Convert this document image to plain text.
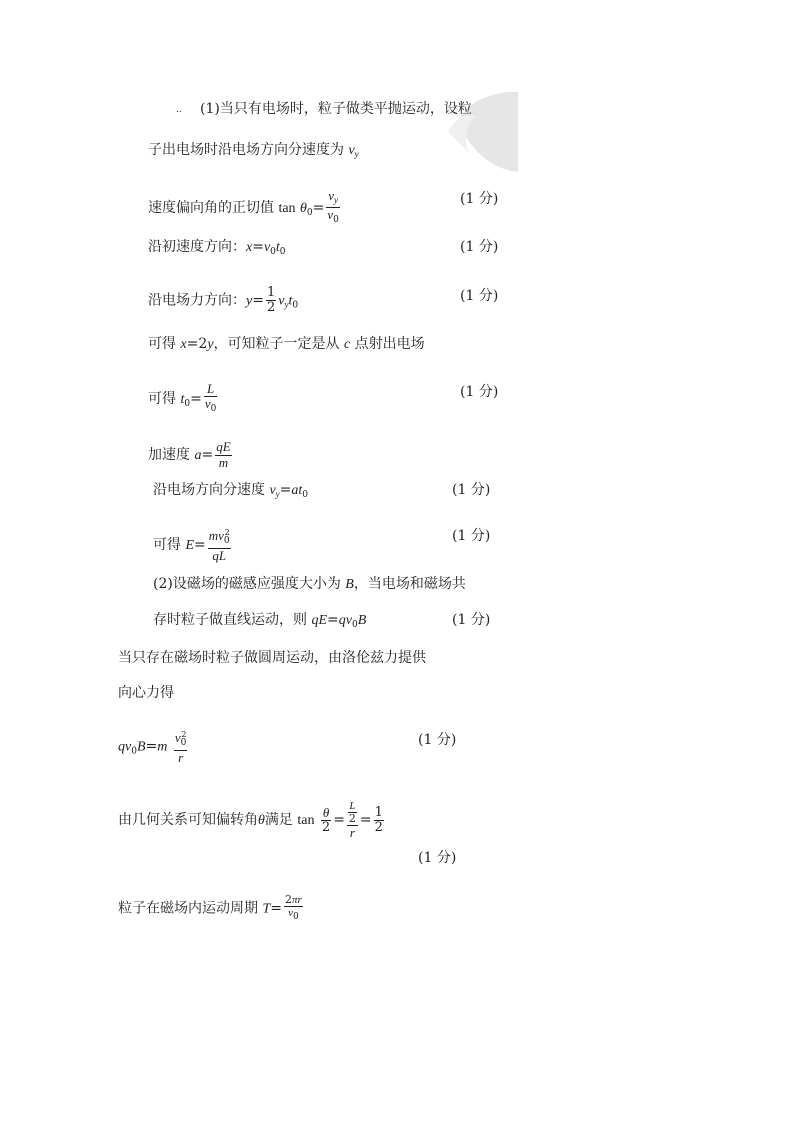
.. (1)当只有电场时，粒子做类平抛运动，设粒
子出电场时沿电场方向分速度为 $v_y$
速度偏向角的正切值 $\tan \theta_0= \frac{v_y}{v_0}$	(1 分)
沿初速度方向：$x=v_0t_0$	(1 分)
沿电场力方向：$y= \frac{1}{2} v_yt_0$
(1 分)
可得 x=2y，可知粒子一定是从 c 点射出电场
可得 $t_0= \frac{L}{v_0}$	(1 分)
加速度 $a= \frac{qE}{m}$
沿电场方向分速度 $v_y=at_0$	(1 分)
可得 $E= \frac{mv_0^2}{qL}$	(1 分)
(2)设磁场的磁感应强度大小为 B，当电场和磁场共
存时粒子做直线运动，则 $qE=qv_0B$	(1 分)
当只存在磁场时粒子做圆周运动，由洛伦兹力提供
向心力得
$qv_0B=m \frac{v_0^2}{r}$	(1 分)
由几何关系可知偏转角θ满足 $\tan \frac{\theta}{2} = \frac{\frac{L}{2}}{r} = \frac{1}{2}$
(1 分)
粒子在磁场内运动周期 $T= \frac{2\pi r}{v_0}$
